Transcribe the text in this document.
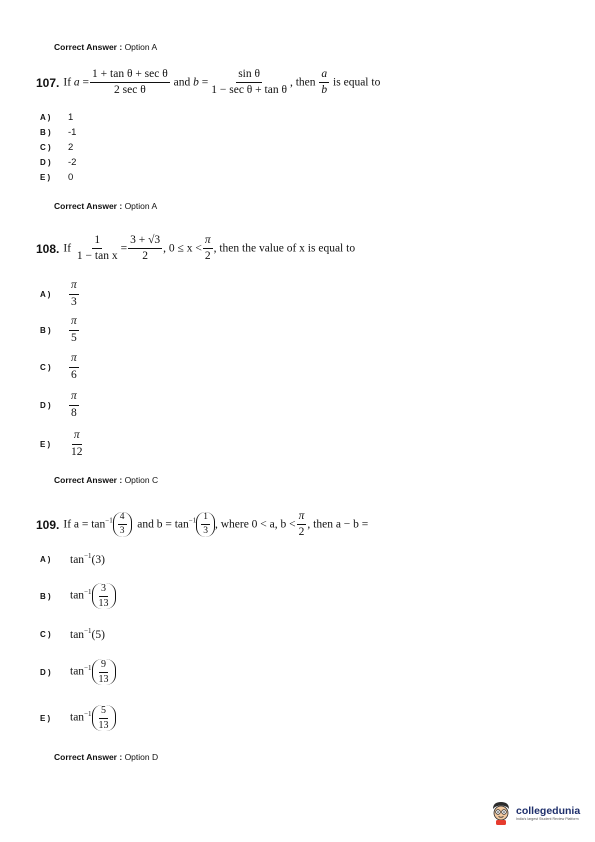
Correct Answer : Option A
107. If $a = \frac{\text{1 + tan θ + sec θ}}{\text{2 sec θ}}$ and $b = \frac{\text{sin θ}}{\text{1 − sec θ + tan θ}}$ , then $\frac{a}{b}$ is equal to
A )	1
B )	-1
C )	2
D )	-2
E )	0
Correct Answer : Option A
108. If $\frac{1}{\text{1 − tan x}} = \frac{3 + √3}{2}$ , $0 \le x < \frac{\pi}{2}$ , then the value of x is equal to
A )	$\frac{\pi}{3}$
B )	$\frac{\pi}{5}$
C )	$\frac{\pi}{6}$
D )	$\frac{\pi}{8}$
E )	$\frac{\pi}{12}$
Correct Answer : Option C
109. If $a = \tan^{-1} \frac{4}{3}$ and $b = \tan^{-1} \frac{1}{3}$ , where 0 < a, $b < \frac{\pi}{2}$ , then a − b =
A )	$\tan^{-1}(3)$
B )	$\tan^{-1} \frac{3}{13}$
C )	$\tan^{-1}(5)$
D )	$\tan^{-1} \frac{9}{13}$
E )	$\tan^{-1} \frac{5}{13}$
Correct Answer : Option D
collegedunia
India's largest Student Review Platform
